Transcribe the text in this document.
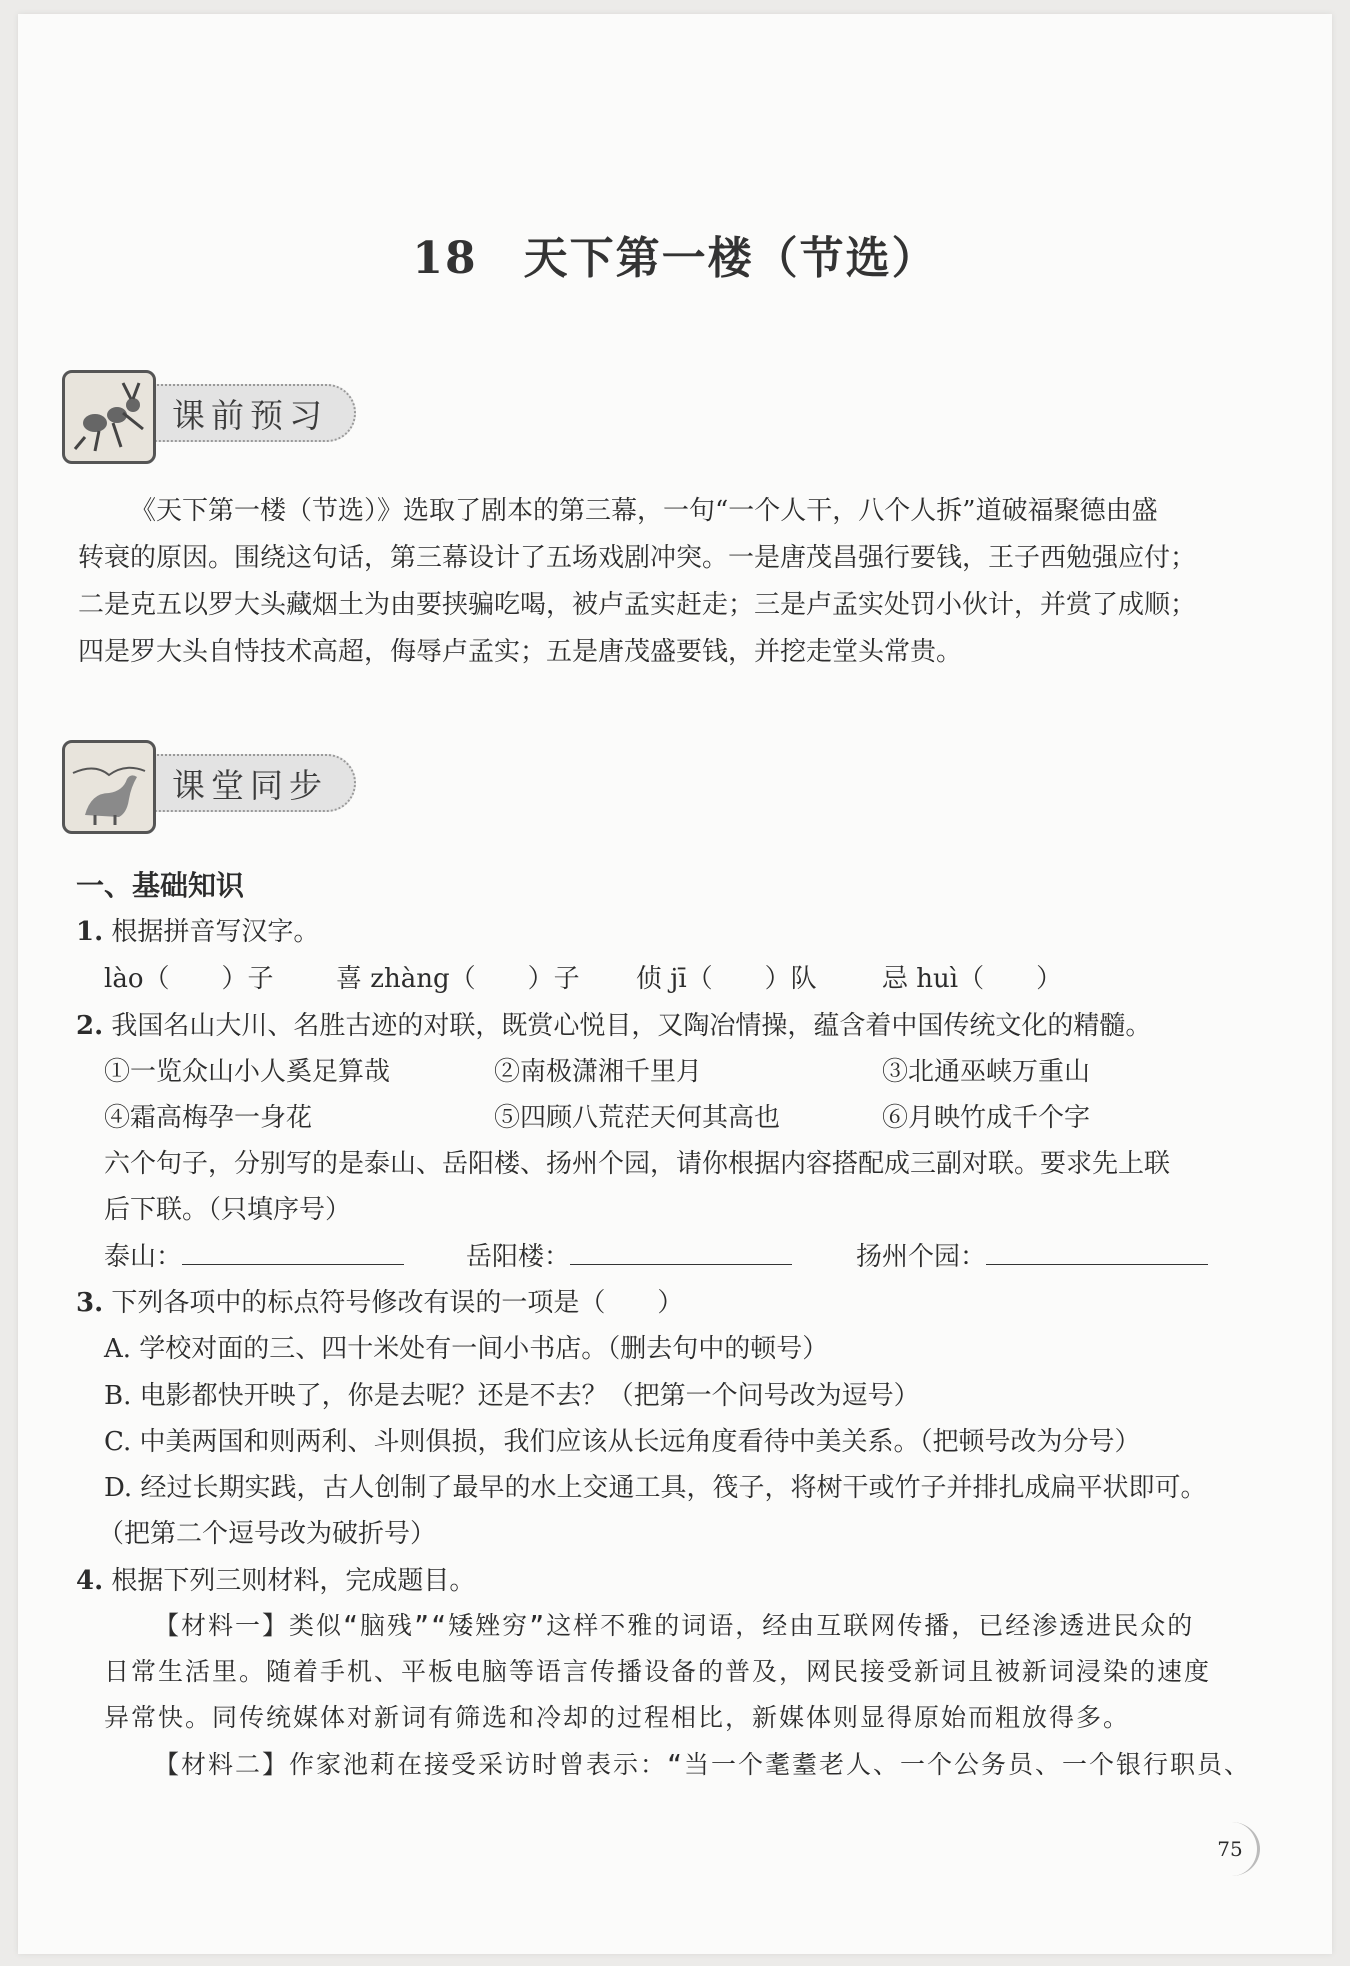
18 天下第一楼（节选）
课前预习
《天下第一楼（节选）》选取了剧本的第三幕，一句“一个人干，八个人拆”道破福聚德由盛
转衰的原因。围绕这句话，第三幕设计了五场戏剧冲突。一是唐茂昌强行要钱，王子西勉强应付；
二是克五以罗大头藏烟土为由要挟骗吃喝，被卢孟实赶走；三是卢孟实处罚小伙计，并赏了成顺；
四是罗大头自恃技术高超，侮辱卢孟实；五是唐茂盛要钱，并挖走堂头常贵。
课堂同步
一、基础知识
1. 根据拼音写汉字。
lào（　　）子 喜 zhàng（　　）子 侦 jī（　　）队	忌 huì（　　）
2. 我国名山大川、名胜古迹的对联，既赏心悦目，又陶冶情操，蕴含着中国传统文化的精髓。
①一览众山小人奚足算哉	②南极潇湘千里月	③北通巫峡万重山
④霜高梅孕一身花	⑤四顾八荒茫天何其高也	⑥月映竹成千个字
六个句子，分别写的是泰山、岳阳楼、扬州个园，请你根据内容搭配成三副对联。要求先上联
后下联。（只填序号）
泰山：	岳阳楼：	扬州个园：
3. 下列各项中的标点符号修改有误的一项是（　　）
A. 学校对面的三、四十米处有一间小书店。（删去句中的顿号）
B. 电影都快开映了，你是去呢？还是不去？（把第一个问号改为逗号）
C. 中美两国和则两利、斗则俱损，我们应该从长远角度看待中美关系。（把顿号改为分号）
D. 经过长期实践，古人创制了最早的水上交通工具，筏子，将树干或竹子并排扎成扁平状即可。
（把第二个逗号改为破折号）
4. 根据下列三则材料，完成题目。
【材料一】类似“脑残”“矮矬穷”这样不雅的词语，经由互联网传播，已经渗透进民众的
日常生活里。随着手机、平板电脑等语言传播设备的普及，网民接受新词且被新词浸染的速度
异常快。同传统媒体对新词有筛选和冷却的过程相比，新媒体则显得原始而粗放得多。
【材料二】作家池莉在接受采访时曾表示：“当一个耄耋老人、一个公务员、一个银行职员、
75
